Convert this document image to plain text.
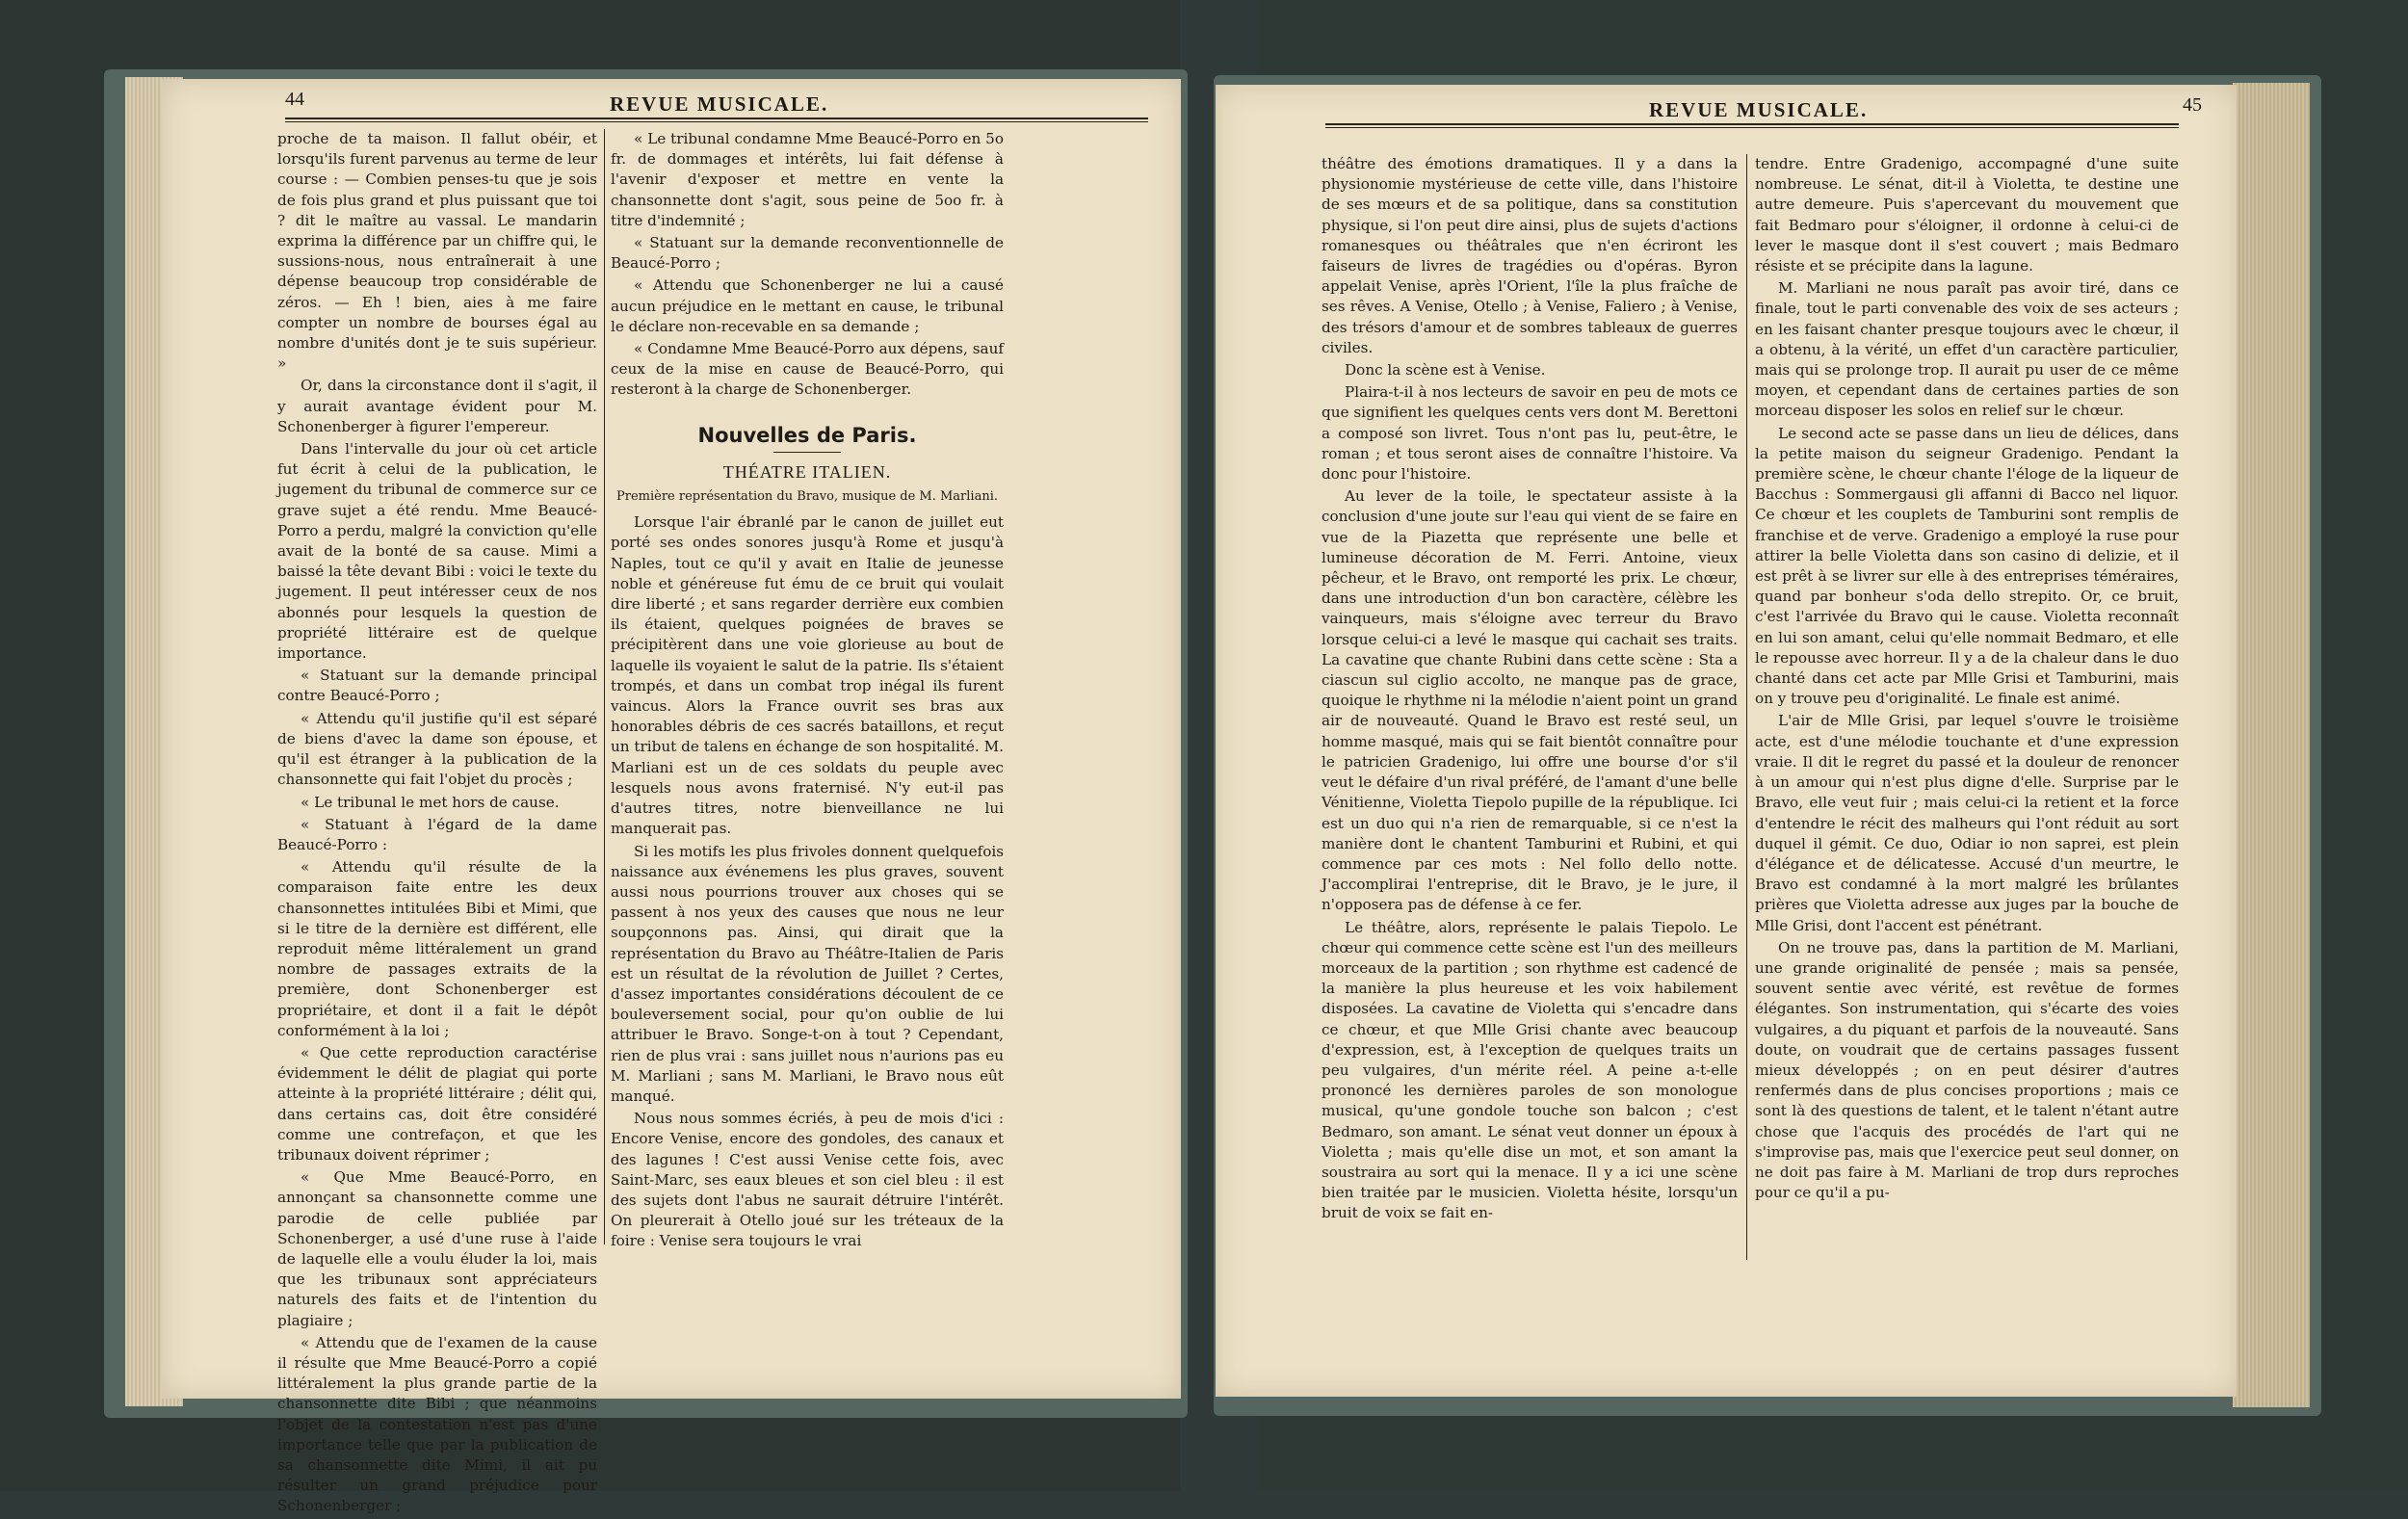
44	REVUE MUSICALE.

proche de ta maison. Il fallut obéir, et lorsqu'ils furent parvenus au terme de leur course : — Combien penses-tu que je sois de fois plus grand et plus puissant que toi ? dit le maître au vassal. Le mandarin exprima la différence par un chiffre qui, le sussions-nous, nous entraînerait à une dépense beaucoup trop considérable de zéros. — Eh ! bien, aies à me faire compter un nombre de bourses égal au nombre d'unités dont je te suis supérieur. »

Or, dans la circonstance dont il s'agit, il y aurait avantage évident pour M. Schonenberger à figurer l'empereur.

Dans l'intervalle du jour où cet article fut écrit à celui de la publication, le jugement du tribunal de commerce sur ce grave sujet a été rendu. Mme Beaucé-Porro a perdu, malgré la conviction qu'elle avait de la bonté de sa cause. Mimi a baissé la tête devant Bibi : voici le texte du jugement. Il peut intéresser ceux de nos abonnés pour lesquels la question de propriété littéraire est de quelque importance.

« Statuant sur la demande principal contre Beaucé-Porro ;

« Attendu qu'il justifie qu'il est séparé de biens d'avec la dame son épouse, et qu'il est étranger à la publication de la chansonnette qui fait l'objet du procès ;

« Le tribunal le met hors de cause.

« Statuant à l'égard de la dame Beaucé-Porro :

« Attendu qu'il résulte de la comparaison faite entre les deux chansonnettes intitulées Bibi et Mimi, que si le titre de la dernière est différent, elle reproduit même littéralement un grand nombre de passages extraits de la première, dont Schonenberger est propriétaire, et dont il a fait le dépôt conformément à la loi ;

« Que cette reproduction caractérise évidemment le délit de plagiat qui porte atteinte à la propriété littéraire ; délit qui, dans certains cas, doit être considéré comme une contrefaçon, et que les tribunaux doivent réprimer ;

« Que Mme Beaucé-Porro, en annonçant sa chansonnette comme une parodie de celle publiée par Schonenberger, a usé d'une ruse à l'aide de laquelle elle a voulu éluder la loi, mais que les tribunaux sont appréciateurs naturels des faits et de l'intention du plagiaire ;

« Attendu que de l'examen de la cause il résulte que Mme Beaucé-Porro a copié littéralement la plus grande partie de la chansonnette dite Bibi ; que néanmoins l'objet de la contestation n'est pas d'une importance telle que par la publication de sa chansonnette dite Mimi, il ait pu résulter un grand préjudice pour Schonenberger ;

« Le tribunal condamne Mme Beaucé-Porro en 5o fr. de dommages et intérêts, lui fait défense à l'avenir d'exposer et mettre en vente la chansonnette dont s'agit, sous peine de 5oo fr. à titre d'indemnité ;

« Statuant sur la demande reconventionnelle de Beaucé-Porro ;

« Attendu que Schonenberger ne lui a causé aucun préjudice en le mettant en cause, le tribunal le déclare non-recevable en sa demande ;

« Condamne Mme Beaucé-Porro aux dépens, sauf ceux de la mise en cause de Beaucé-Porro, qui resteront à la charge de Schonenberger.

Nouvelles de Paris.
THÉATRE ITALIEN.
Première représentation du Bravo, musique de M. Marliani.

Lorsque l'air ébranlé par le canon de juillet eut porté ses ondes sonores jusqu'à Rome et jusqu'à Naples, tout ce qu'il y avait en Italie de jeunesse noble et généreuse fut ému de ce bruit qui voulait dire liberté ; et sans regarder derrière eux combien ils étaient, quelques poignées de braves se précipitèrent dans une voie glorieuse au bout de laquelle ils voyaient le salut de la patrie. Ils s'étaient trompés, et dans un combat trop inégal ils furent vaincus. Alors la France ouvrit ses bras aux honorables débris de ces sacrés bataillons, et reçut un tribut de talens en échange de son hospitalité. M. Marliani est un de ces soldats du peuple avec lesquels nous avons fraternisé. N'y eut-il pas d'autres titres, notre bienveillance ne lui manquerait pas.

Si les motifs les plus frivoles donnent quelquefois naissance aux événemens les plus graves, souvent aussi nous pourrions trouver aux choses qui se passent à nos yeux des causes que nous ne leur soupçonnons pas. Ainsi, qui dirait que la représentation du Bravo au Théâtre-Italien de Paris est un résultat de la révolution de Juillet ? Certes, d'assez importantes considérations découlent de ce bouleversement social, pour qu'on oublie de lui attribuer le Bravo. Songe-t-on à tout ? Cependant, rien de plus vrai : sans juillet nous n'aurions pas eu M. Marliani ; sans M. Marliani, le Bravo nous eût manqué.

Nous nous sommes écriés, à peu de mois d'ici : Encore Venise, encore des gondoles, des canaux et des lagunes ! C'est aussi Venise cette fois, avec Saint-Marc, ses eaux bleues et son ciel bleu : il est des sujets dont l'abus ne saurait détruire l'intérêt. On pleurerait à Otello joué sur les tréteaux de la foire : Venise sera toujours le vrai

REVUE MUSICALE.	45

théâtre des émotions dramatiques. Il y a dans la physionomie mystérieuse de cette ville, dans l'histoire de ses mœurs et de sa politique, dans sa constitution physique, si l'on peut dire ainsi, plus de sujets d'actions romanesques ou théâtrales que n'en écriront les faiseurs de livres de tragédies ou d'opéras. Byron appelait Venise, après l'Orient, l'île la plus fraîche de ses rêves. A Venise, Otello ; à Venise, Faliero ; à Venise, des trésors d'amour et de sombres tableaux de guerres civiles.

Donc la scène est à Venise.

Plaira-t-il à nos lecteurs de savoir en peu de mots ce que signifient les quelques cents vers dont M. Berettoni a composé son livret. Tous n'ont pas lu, peut-être, le roman ; et tous seront aises de connaître l'histoire. Va donc pour l'histoire.

Au lever de la toile, le spectateur assiste à la conclusion d'une joute sur l'eau qui vient de se faire en vue de la Piazetta que représente une belle et lumineuse décoration de M. Ferri. Antoine, vieux pêcheur, et le Bravo, ont remporté les prix. Le chœur, dans une introduction d'un bon caractère, célèbre les vainqueurs, mais s'éloigne avec terreur du Bravo lorsque celui-ci a levé le masque qui cachait ses traits. La cavatine que chante Rubini dans cette scène : Sta a ciascun sul ciglio accolto, ne manque pas de grace, quoique le rhythme ni la mélodie n'aient point un grand air de nouveauté. Quand le Bravo est resté seul, un homme masqué, mais qui se fait bientôt connaître pour le patricien Gradenigo, lui offre une bourse d'or s'il veut le défaire d'un rival préféré, de l'amant d'une belle Vénitienne, Violetta Tiepolo pupille de la république. Ici est un duo qui n'a rien de remarquable, si ce n'est la manière dont le chantent Tamburini et Rubini, et qui commence par ces mots : Nel follo dello notte. J'accomplirai l'entreprise, dit le Bravo, je le jure, il n'opposera pas de défense à ce fer.

Le théâtre, alors, représente le palais Tiepolo. Le chœur qui commence cette scène est l'un des meilleurs morceaux de la partition ; son rhythme est cadencé de la manière la plus heureuse et les voix habilement disposées. La cavatine de Violetta qui s'encadre dans ce chœur, et que Mlle Grisi chante avec beaucoup d'expression, est, à l'exception de quelques traits un peu vulgaires, d'un mérite réel. A peine a-t-elle prononcé les dernières paroles de son monologue musical, qu'une gondole touche son balcon ; c'est Bedmaro, son amant. Le sénat veut donner un époux à Violetta ; mais qu'elle dise un mot, et son amant la soustraira au sort qui la menace. Il y a ici une scène bien traitée par le musicien. Violetta hésite, lorsqu'un bruit de voix se fait en-

tendre. Entre Gradenigo, accompagné d'une suite nombreuse. Le sénat, dit-il à Violetta, te destine une autre demeure. Puis s'apercevant du mouvement que fait Bedmaro pour s'éloigner, il ordonne à celui-ci de lever le masque dont il s'est couvert ; mais Bedmaro résiste et se précipite dans la lagune.

M. Marliani ne nous paraît pas avoir tiré, dans ce finale, tout le parti convenable des voix de ses acteurs ; en les faisant chanter presque toujours avec le chœur, il a obtenu, à la vérité, un effet d'un caractère particulier, mais qui se prolonge trop. Il aurait pu user de ce même moyen, et cependant dans de certaines parties de son morceau disposer les solos en relief sur le chœur.

Le second acte se passe dans un lieu de délices, dans la petite maison du seigneur Gradenigo. Pendant la première scène, le chœur chante l'éloge de la liqueur de Bacchus : Sommergausi gli affanni di Bacco nel liquor. Ce chœur et les couplets de Tamburini sont remplis de franchise et de verve. Gradenigo a employé la ruse pour attirer la belle Violetta dans son casino di delizie, et il est prêt à se livrer sur elle à des entreprises téméraires, quand par bonheur s'oda dello strepito. Or, ce bruit, c'est l'arrivée du Bravo qui le cause. Violetta reconnaît en lui son amant, celui qu'elle nommait Bedmaro, et elle le repousse avec horreur. Il y a de la chaleur dans le duo chanté dans cet acte par Mlle Grisi et Tamburini, mais on y trouve peu d'originalité. Le finale est animé.

L'air de Mlle Grisi, par lequel s'ouvre le troisième acte, est d'une mélodie touchante et d'une expression vraie. Il dit le regret du passé et la douleur de renoncer à un amour qui n'est plus digne d'elle. Surprise par le Bravo, elle veut fuir ; mais celui-ci la retient et la force d'entendre le récit des malheurs qui l'ont réduit au sort duquel il gémit. Ce duo, Odiar io non saprei, est plein d'élégance et de délicatesse. Accusé d'un meurtre, le Bravo est condamné à la mort malgré les brûlantes prières que Violetta adresse aux juges par la bouche de Mlle Grisi, dont l'accent est pénétrant.

On ne trouve pas, dans la partition de M. Marliani, une grande originalité de pensée ; mais sa pensée, souvent sentie avec vérité, est revêtue de formes élégantes. Son instrumentation, qui s'écarte des voies vulgaires, a du piquant et parfois de la nouveauté. Sans doute, on voudrait que de certains passages fussent mieux développés ; on en peut désirer d'autres renfermés dans de plus concises proportions ; mais ce sont là des questions de talent, et le talent n'étant autre chose que l'acquis des procédés de l'art qui ne s'improvise pas, mais que l'exercice peut seul donner, on ne doit pas faire à M. Marliani de trop durs reproches pour ce qu'il a pu-
